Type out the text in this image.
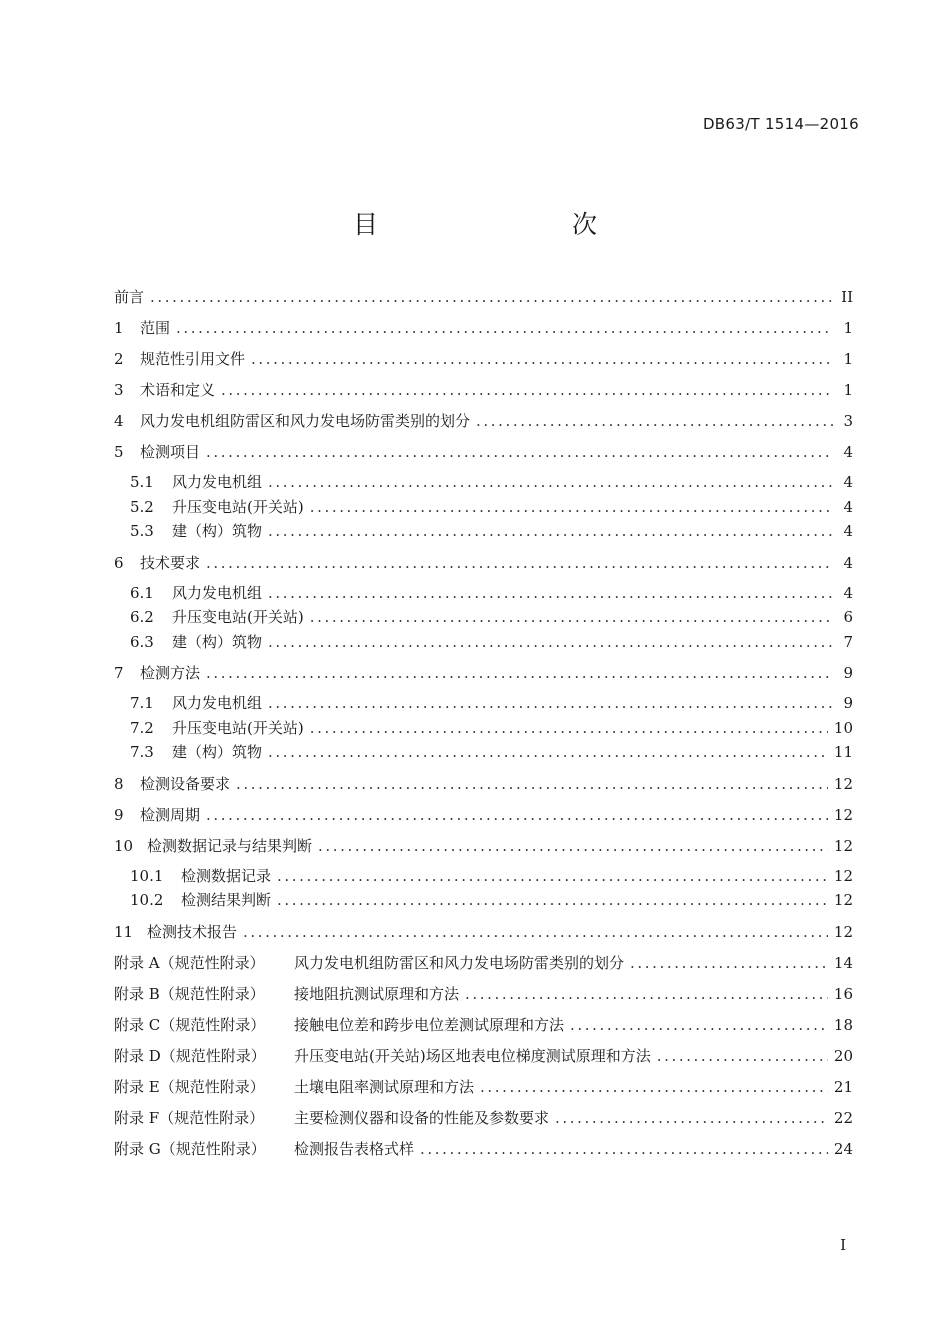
DB63/T 1514—2016
目　　次
前言 .....	II
1	范围 .....	1
2	规范性引用文件 .....	1
3	术语和定义 .....	1
4	风力发电机组防雷区和风力发电场防雷类别的划分 .....	3
5	检测项目 .....	4
5.1	风力发电机组 .....	4
5.2	升压变电站(开关站) .....	4
5.3	建（构）筑物 .....	4
6	技术要求 .....	4
6.1	风力发电机组 .....	4
6.2	升压变电站(开关站) .....	6
6.3	建（构）筑物 .....	7
7	检测方法 .....	9
7.1	风力发电机组 .....	9
7.2	升压变电站(开关站) .....	10
7.3	建（构）筑物 .....	11
8	检测设备要求 .....	12
9	检测周期 .....	12
10 检测数据记录与结果判断 .....	12
10.1	检测数据记录 .....	12
10.2	检测结果判断 .....	12
11 检测技术报告 .....	12
附录 A（规范性附录）	风力发电机组防雷区和风力发电场防雷类别的划分 .....	14
附录 B（规范性附录）	接地阻抗测试原理和方法 .....	16
附录 C（规范性附录）	接触电位差和跨步电位差测试原理和方法 .....	18
附录 D（规范性附录）	升压变电站(开关站)场区地表电位梯度测试原理和方法 .....	20
附录 E（规范性附录）	土壤电阻率测试原理和方法 .....	21
附录 F（规范性附录）	主要检测仪器和设备的性能及参数要求 .....	22
附录 G（规范性附录）	检测报告表格式样 .....	24
I
